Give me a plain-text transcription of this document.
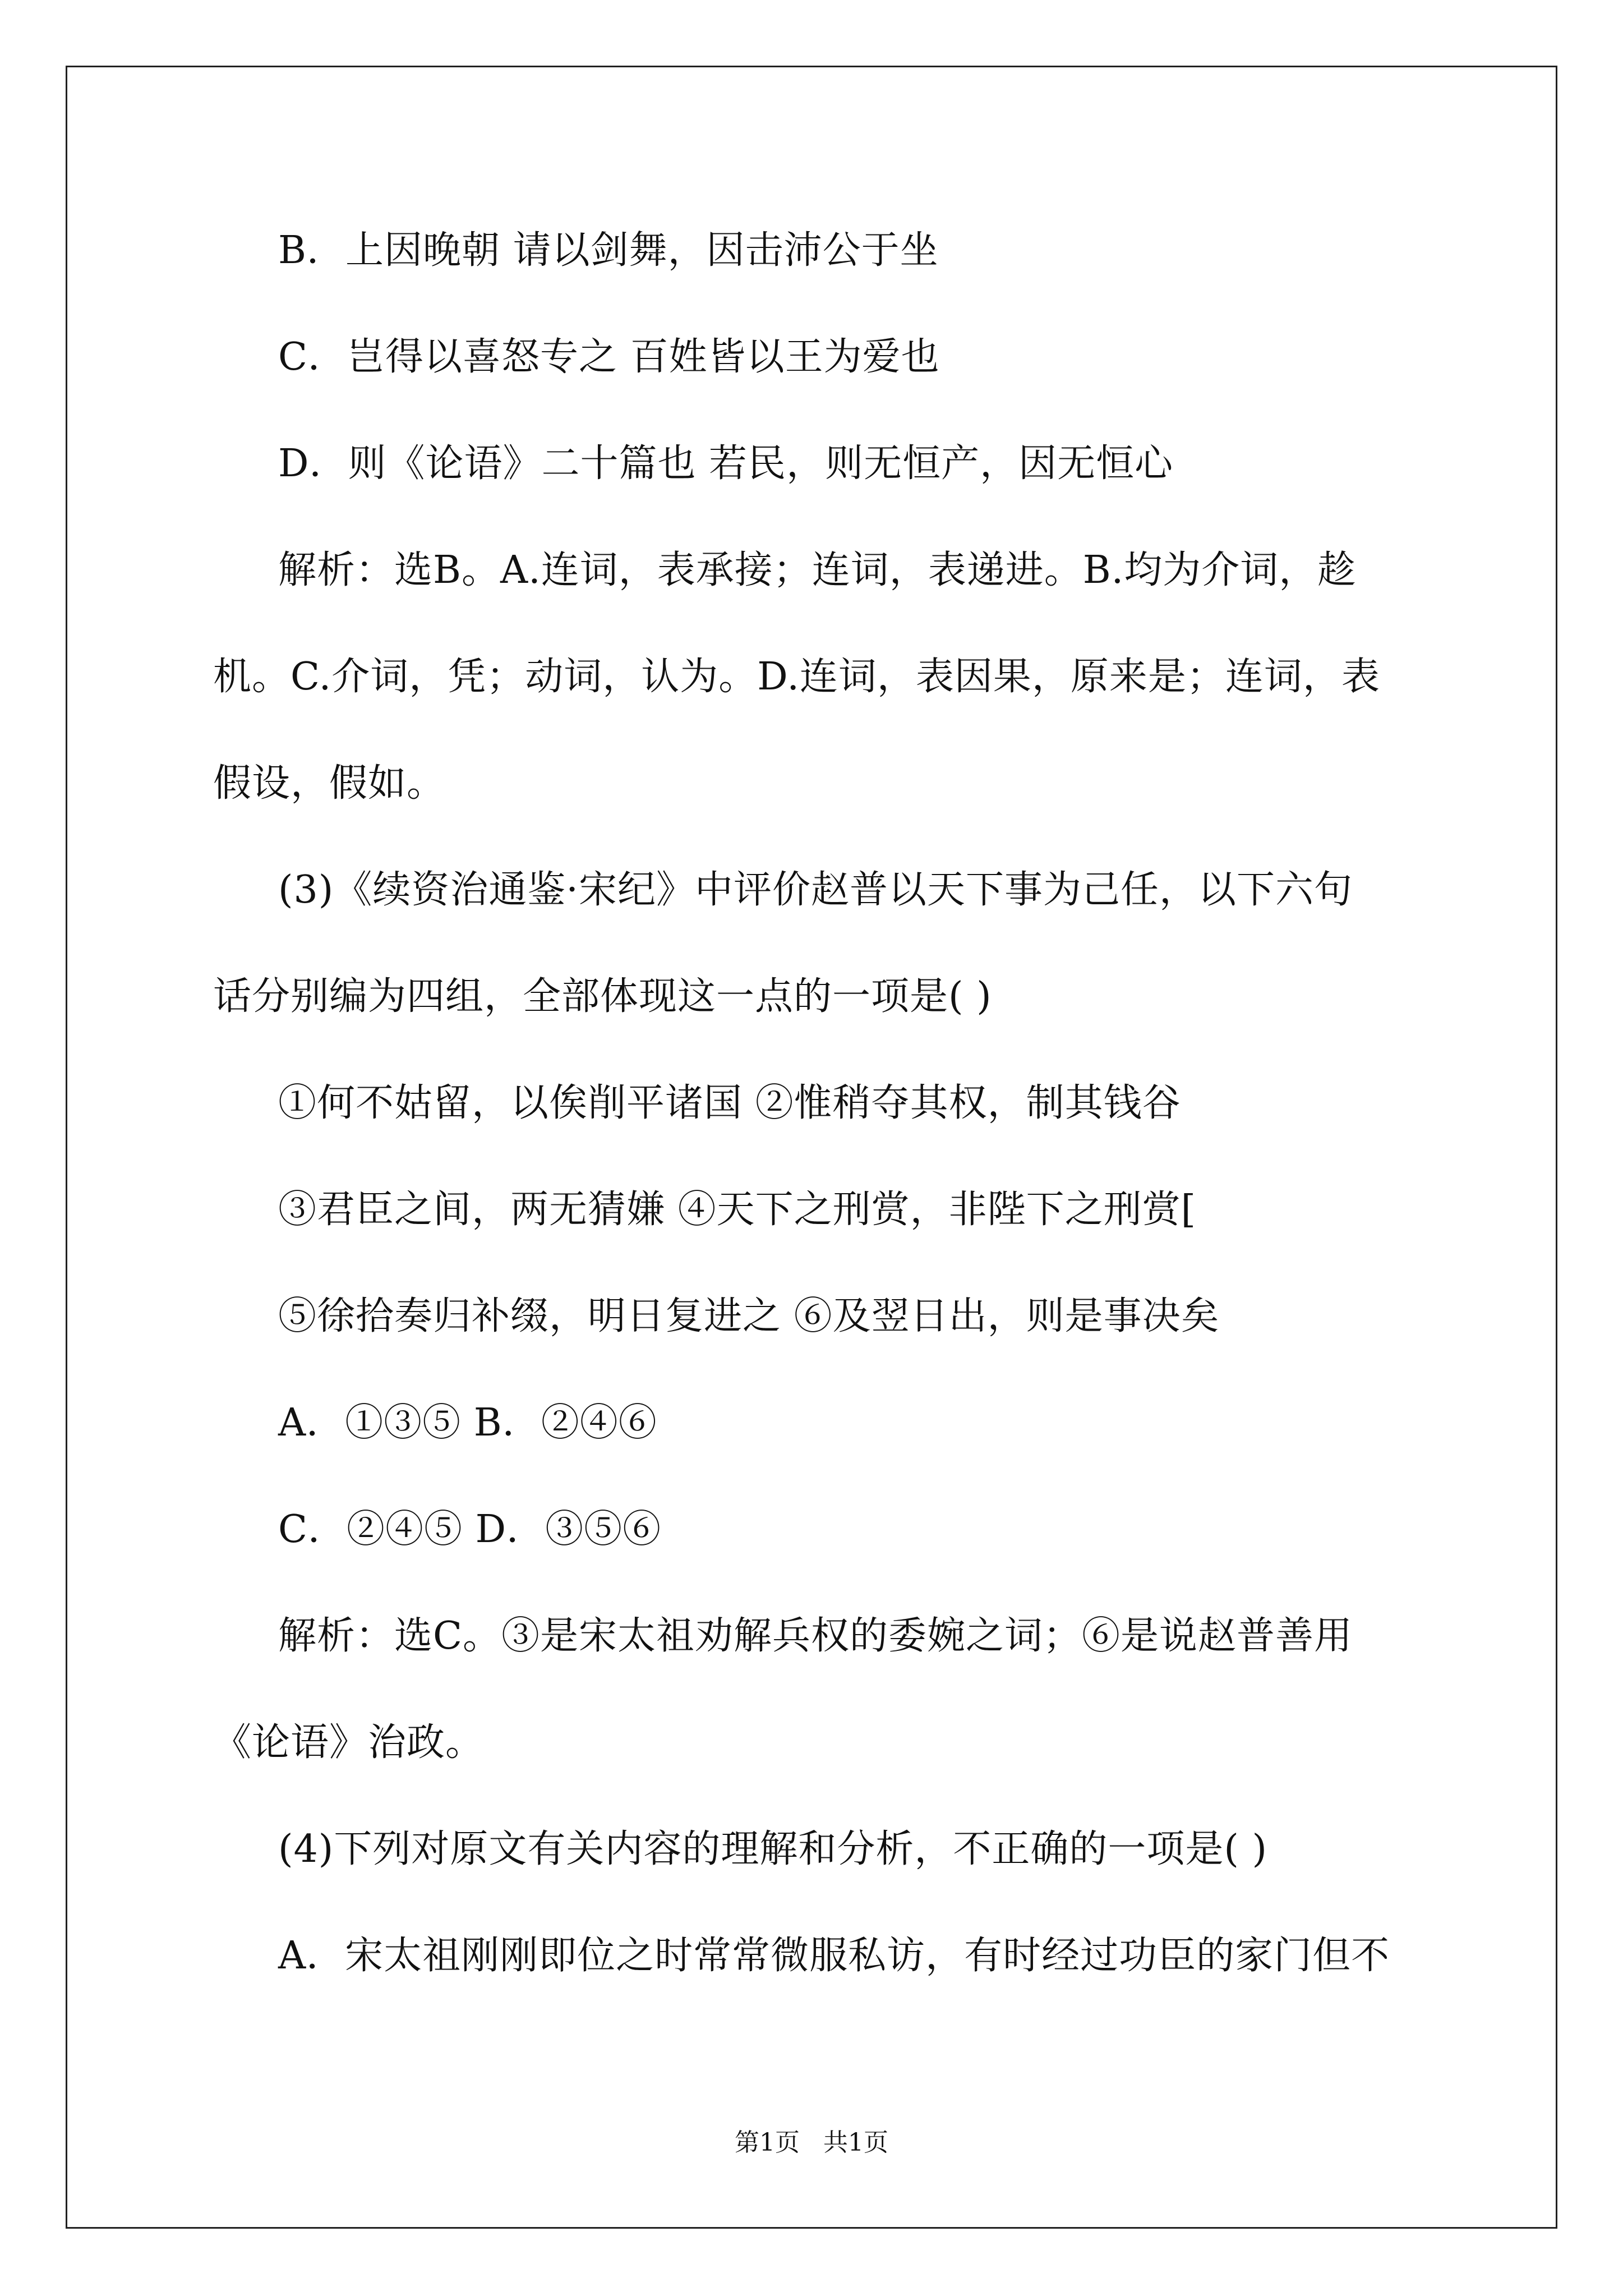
B．上因晚朝 请以剑舞，因击沛公于坐
C．岂得以喜怒专之 百姓皆以王为爱也
D．则《论语》二十篇也 若民，则无恒产，因无恒心
解析：选B。A.连词，表承接；连词，表递进。B.均为介词，趁
机。C.介词，凭；动词，认为。D.连词，表因果，原来是；连词，表
假设，假如。
(3)《续资治通鉴·宋纪》中评价赵普以天下事为己任，以下六句
话分别编为四组，全部体现这一点的一项是( )
①何不姑留，以俟削平诸国 ②惟稍夺其权，制其钱谷
③君臣之间，两无猜嫌 ④天下之刑赏，非陛下之刑赏[
⑤徐拾奏归补缀，明日复进之 ⑥及翌日出，则是事决矣
A．①③⑤ B．②④⑥
C．②④⑤ D．③⑤⑥
解析：选C。③是宋太祖劝解兵权的委婉之词；⑥是说赵普善用
《论语》治政。
(4)下列对原文有关内容的理解和分析，不正确的一项是( )
A．宋太祖刚刚即位之时常常微服私访，有时经过功臣的家门但不
第1页 共1页
